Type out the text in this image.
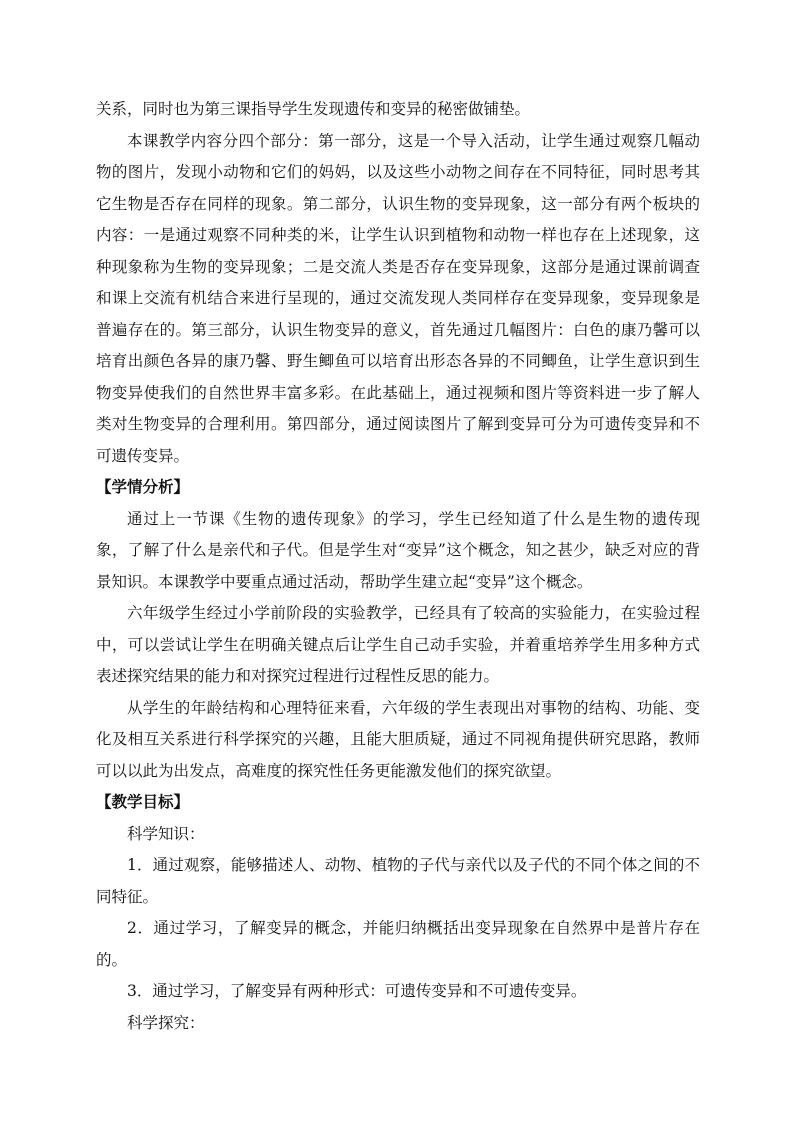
关系，同时也为第三课指导学生发现遗传和变异的秘密做铺垫。

本课教学内容分四个部分：第一部分，这是一个导入活动，让学生通过观察几幅动物的图片，发现小动物和它们的妈妈，以及这些小动物之间存在不同特征，同时思考其它生物是否存在同样的现象。第二部分，认识生物的变异现象，这一部分有两个板块的内容：一是通过观察不同种类的米，让学生认识到植物和动物一样也存在上述现象，这种现象称为生物的变异现象；二是交流人类是否存在变异现象，这部分是通过课前调查和课上交流有机结合来进行呈现的，通过交流发现人类同样存在变异现象，变异现象是普遍存在的。第三部分，认识生物变异的意义，首先通过几幅图片：白色的康乃馨可以培育出颜色各异的康乃馨、野生鲫鱼可以培育出形态各异的不同鲫鱼，让学生意识到生物变异使我们的自然世界丰富多彩。在此基础上，通过视频和图片等资料进一步了解人类对生物变异的合理利用。第四部分，通过阅读图片了解到变异可分为可遗传变异和不可遗传变异。

【学情分析】

通过上一节课《生物的遗传现象》的学习，学生已经知道了什么是生物的遗传现象，了解了什么是亲代和子代。但是学生对“变异”这个概念，知之甚少，缺乏对应的背景知识。本课教学中要重点通过活动，帮助学生建立起“变异”这个概念。

六年级学生经过小学前阶段的实验教学，已经具有了较高的实验能力，在实验过程中，可以尝试让学生在明确关键点后让学生自己动手实验，并着重培养学生用多种方式表述探究结果的能力和对探究过程进行过程性反思的能力。

从学生的年龄结构和心理特征来看，六年级的学生表现出对事物的结构、功能、变化及相互关系进行科学探究的兴趣，且能大胆质疑，通过不同视角提供研究思路，教师可以以此为出发点，高难度的探究性任务更能激发他们的探究欲望。

【教学目标】

科学知识：

1．通过观察，能够描述人、动物、植物的子代与亲代以及子代的不同个体之间的不同特征。

2．通过学习，了解变异的概念，并能归纳概括出变异现象在自然界中是普片存在的。

3．通过学习，了解变异有两种形式：可遗传变异和不可遗传变异。

科学探究：
